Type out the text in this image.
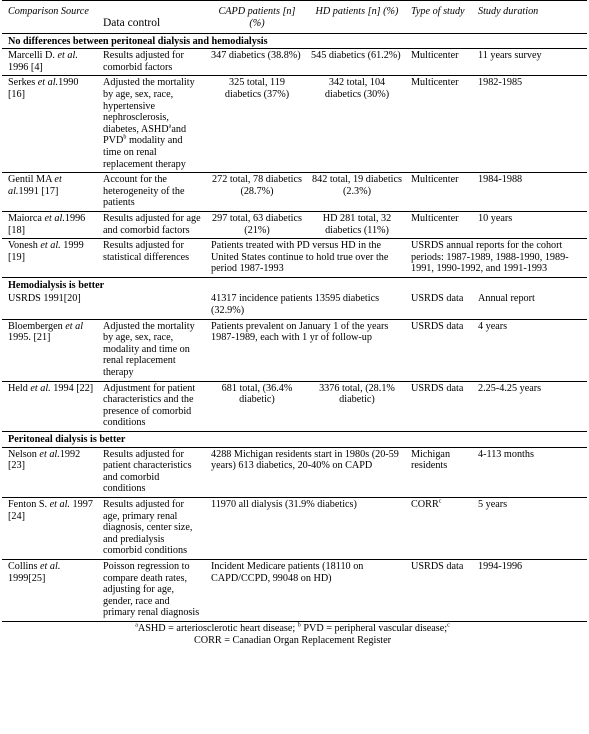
Comparison Source	Data control	CAPD patients [n] (%)	HD patients [n] (%)	Type of study	Study duration
No differences between peritoneal dialysis and hemodialysis					
Marcelli D. et al. 1996 [4]	Results adjusted for comorbid factors	347 diabetics (38.8%)	545 diabetics (61.2%)	Multicenter	11 years survey
Serkes et al.1990 [16]	Adjusted the mortality by age, sex, race, hypertensive nephrosclerosis, diabetes, ASHD$^a$and PVD$^b$ modality and time on renal replacement therapy	325 total, 119 diabetics (37%)	342 total, 104 diabetics (30%)	Multicenter	1982-1985
Gentil MA et al.1991 [17]	Account for the heterogeneity of the patients	272 total, 78 diabetics (28.7%)	842 total, 19 diabetics (2.3%)	Multicenter	1984-1988
Maiorca et al.1996 [18]	Results adjusted for age and comorbid factors	297 total, 63 diabetics (21%)	HD 281 total, 32 diabetics (11%)	Multicenter	10 years
Vonesh et al. 1999 [19]	Results adjusted for statistical differences	Patients treated with PD versus HD in the United States continue to hold true over the period 1987-1993		USRDS annual reports for the cohort periods: 1987-1989, 1988-1990, 1989-1991, 1990-1992, and 1991-1993	
Hemodialysis is better					
USRDS 1991[20]		41317 incidence patients 13595 diabetics (32.9%)		USRDS data	Annual report
Bloembergen et al 1995. [21]	Adjusted the mortality by age, sex, race, modality and time on renal replacement therapy	Patients prevalent on January 1 of the years 1987-1989, each with 1 yr of follow-up		USRDS data	4 years
Held et al. 1994 [22]	Adjustment for patient characteristics and the presence of comorbid conditions	681 total, (36.4% diabetic)	3376 total, (28.1% diabetic)	USRDS data	2.25-4.25 years
Peritoneal dialysis is better					
Nelson et al.1992 [23]	Results adjusted for patient characteristics and comorbid conditions	4288 Michigan residents start in 1980s (20-59 years) 613 diabetics, 20-40% on CAPD		Michigan residents	4-113 months
Fenton S. et al. 1997 [24]	Results adjusted for age, primary renal diagnosis, center size, and predialysis comorbid conditions	11970 all dialysis (31.9% diabetics)		CORR$^c$	5 years
Collins et al. 1999[25]	Poisson regression to compare death rates, adjusting for age, gender, race and primary renal diagnosis	Incident Medicare patients (18110 on CAPD/CCPD, 99048 on HD)		USRDS data	1994-1996
$^a$ASHD = arteriosclerotic heart disease; $^b$ PVD = peripheral vascular disease;$^c$
CORR = Canadian Organ Replacement Register
